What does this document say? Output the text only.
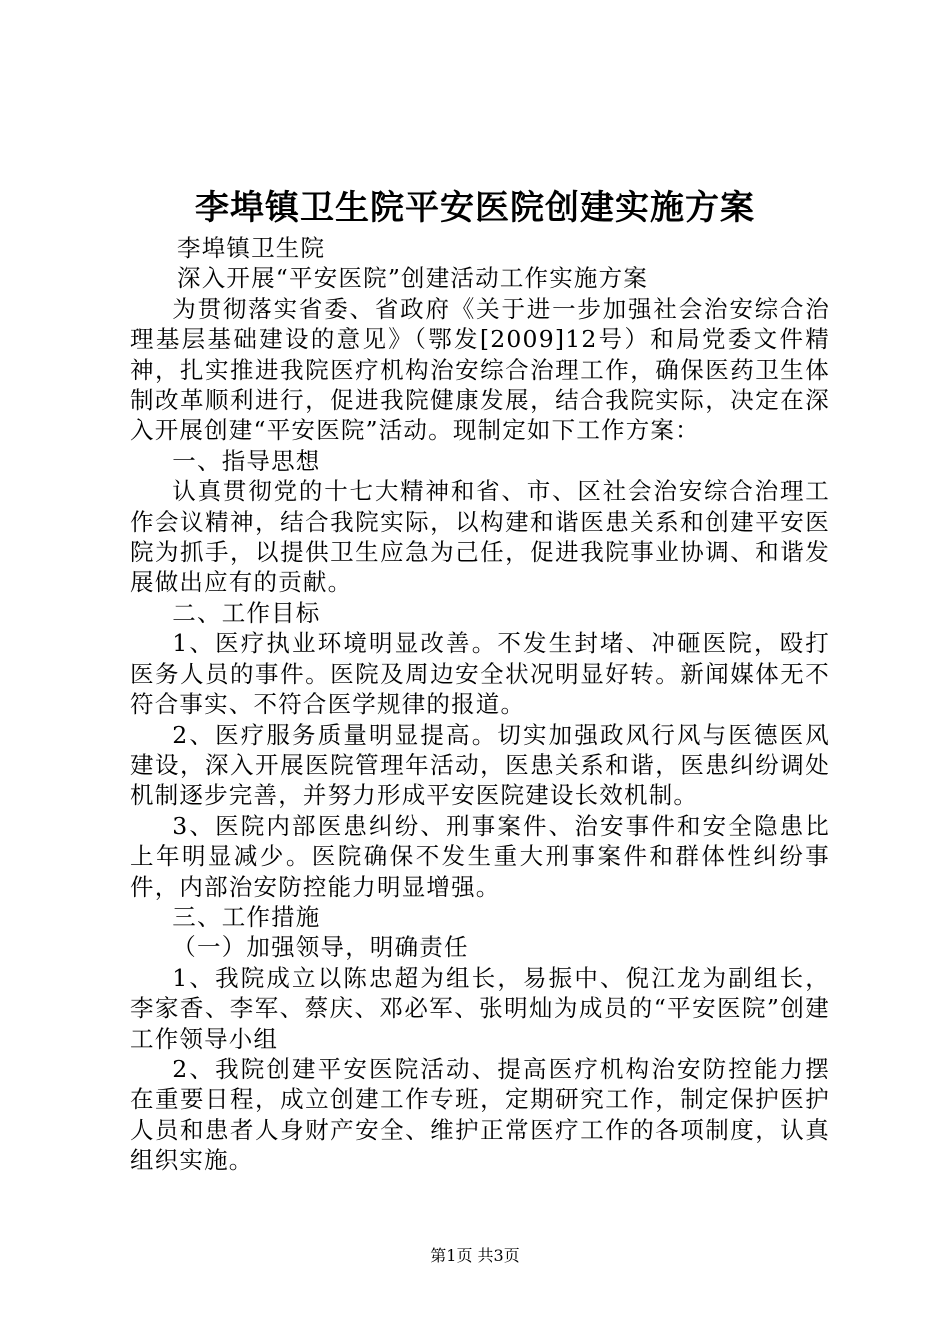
李埠镇卫生院平安医院创建实施方案

李埠镇卫生院

深入开展“平安医院”创建活动工作实施方案

为贯彻落实省委、省政府《关于进一步加强社会治安综合治理基层基础建设的意见》（鄂发[2009]12号）和局党委文件精神，扎实推进我院医疗机构治安综合治理工作，确保医药卫生体制改革顺利进行，促进我院健康发展，结合我院实际，决定在深入开展创建“平安医院”活动。现制定如下工作方案：

一、指导思想

认真贯彻党的十七大精神和省、市、区社会治安综合治理工作会议精神，结合我院实际，以构建和谐医患关系和创建平安医院为抓手，以提供卫生应急为己任，促进我院事业协调、和谐发展做出应有的贡献。

二、工作目标

1、医疗执业环境明显改善。不发生封堵、冲砸医院，殴打医务人员的事件。医院及周边安全状况明显好转。新闻媒体无不符合事实、不符合医学规律的报道。

2、医疗服务质量明显提高。切实加强政风行风与医德医风建设，深入开展医院管理年活动，医患关系和谐，医患纠纷调处机制逐步完善，并努力形成平安医院建设长效机制。

3、医院内部医患纠纷、刑事案件、治安事件和安全隐患比上年明显减少。医院确保不发生重大刑事案件和群体性纠纷事件，内部治安防控能力明显增强。

三、工作措施

（一）加强领导，明确责任

1、我院成立以陈忠超为组长，易振中、倪江龙为副组长，李家香、李军、蔡庆、邓必军、张明灿为成员的“平安医院”创建工作领导小组

2、我院创建平安医院活动、提高医疗机构治安防控能力摆在重要日程，成立创建工作专班，定期研究工作，制定保护医护人员和患者人身财产安全、维护正常医疗工作的各项制度，认真组织实施。

第1页 共3页
